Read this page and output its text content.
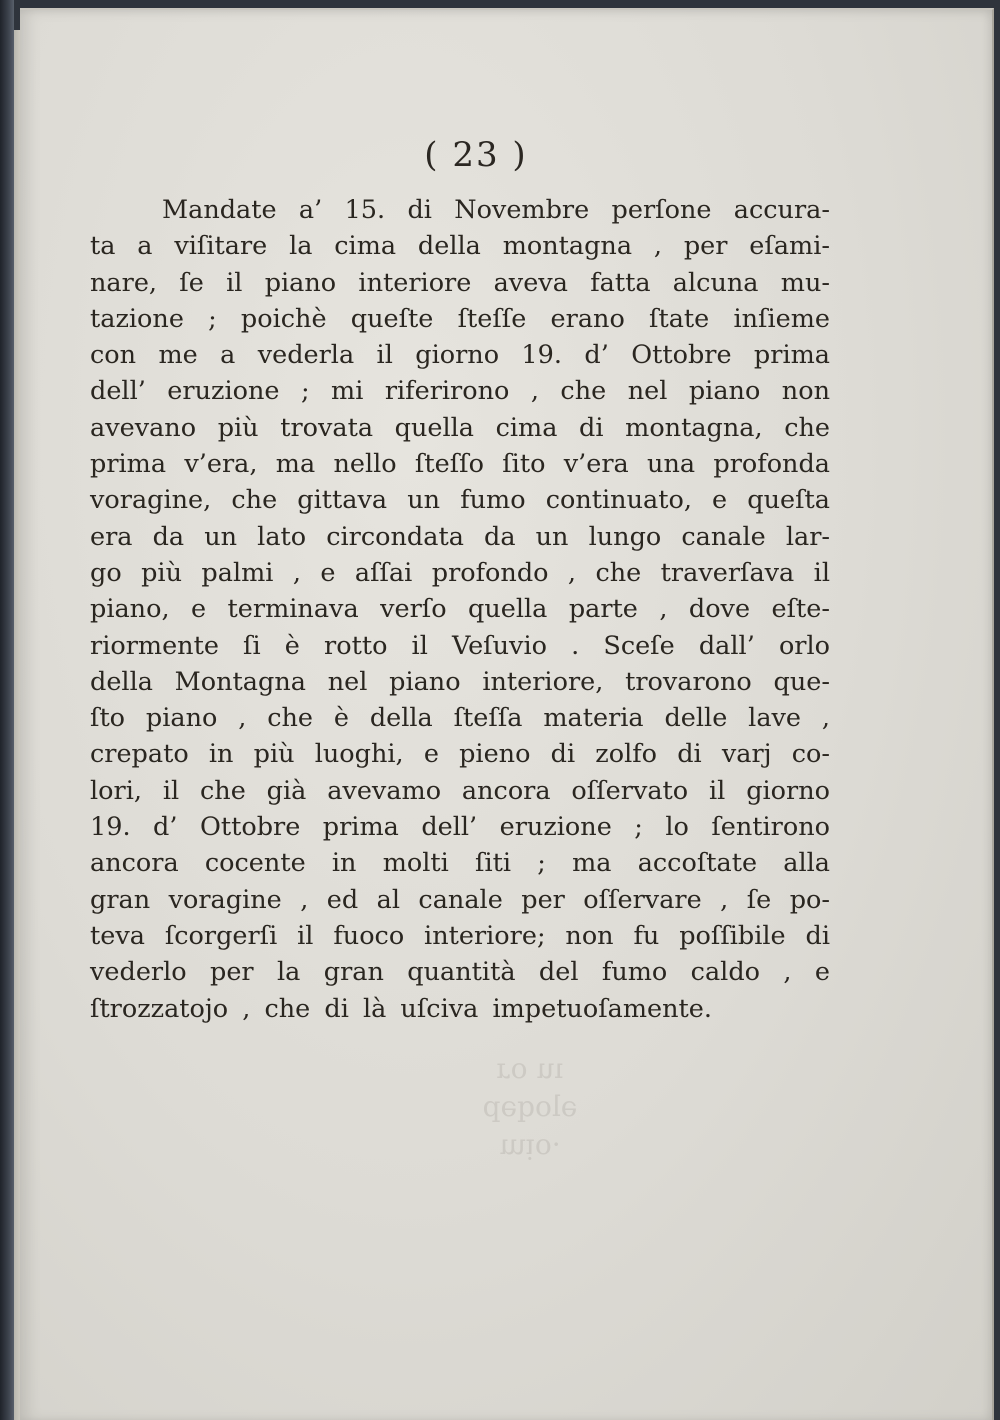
( 23 )
ıu oɹ
ǝloqǝp
·oᴉɯ

Mandate a’ 15. di Novembre perſone accura-
ta a viſitare la cima della montagna , per eſami-
nare, ſe il piano interiore aveva fatta alcuna mu-
tazione ; poichè queſte ſteſſe erano ſtate inſieme
con me a vederla il giorno 19. d’ Ottobre prima
dell’ eruzione ; mi riferirono , che nel piano non
avevano più trovata quella cima di montagna, che
prima v’era, ma nello ſteſſo ſito v’era una profonda
voragine, che gittava un fumo continuato, e queſta
era da un lato circondata da un lungo canale lar-
go più palmi , e aſſai profondo , che traverſava il
piano, e terminava verſo quella parte , dove eſte-
riormente ſi è rotto il Veſuvio . Sceſe dall’ orlo
della Montagna nel piano interiore, trovarono que-
ſto piano , che è della ſteſſa materia delle lave ,
crepato in più luoghi, e pieno di zolfo di varj co-
lori, il che già avevamo ancora oſſervato il giorno
19. d’ Ottobre prima dell’ eruzione ; lo ſentirono
ancora cocente in molti ſiti ; ma accoſtate alla
gran voragine , ed al canale per oſſervare , ſe po-
teva ſcorgerſi il fuoco interiore; non fu poſſibile di
vederlo per la gran quantità del fumo caldo , e
ſtrozzatojo , che di là uſciva impetuoſamente.
